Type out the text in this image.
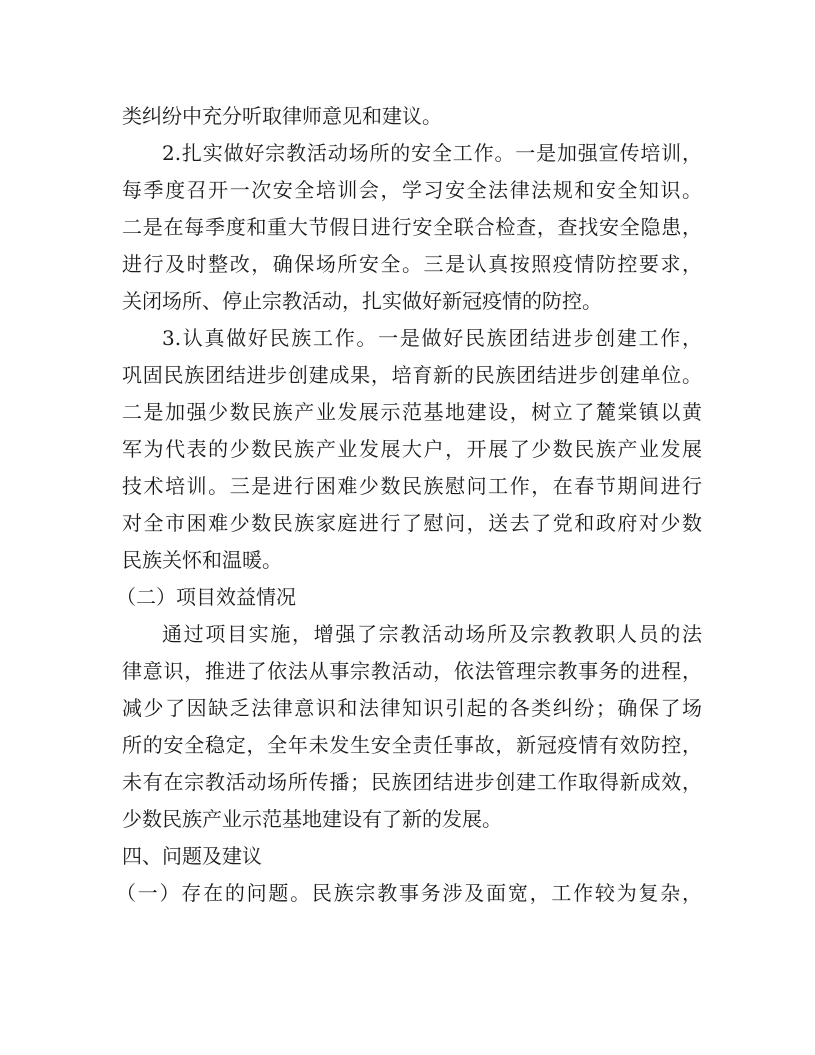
类纠纷中充分听取律师意见和建议。
2.扎实做好宗教活动场所的安全工作。一是加强宣传培训，
每季度召开一次安全培训会，学习安全法律法规和安全知识。
二是在每季度和重大节假日进行安全联合检查，查找安全隐患，
进行及时整改，确保场所安全。三是认真按照疫情防控要求，
关闭场所、停止宗教活动，扎实做好新冠疫情的防控。
3.认真做好民族工作。一是做好民族团结进步创建工作，
巩固民族团结进步创建成果，培育新的民族团结进步创建单位。
二是加强少数民族产业发展示范基地建设，树立了麓棠镇以黄
军为代表的少数民族产业发展大户，开展了少数民族产业发展
技术培训。三是进行困难少数民族慰问工作，在春节期间进行
对全市困难少数民族家庭进行了慰问，送去了党和政府对少数
民族关怀和温暖。
（二）项目效益情况
通过项目实施，增强了宗教活动场所及宗教教职人员的法
律意识，推进了依法从事宗教活动，依法管理宗教事务的进程，
减少了因缺乏法律意识和法律知识引起的各类纠纷；确保了场
所的安全稳定，全年未发生安全责任事故，新冠疫情有效防控，
未有在宗教活动场所传播；民族团结进步创建工作取得新成效，
少数民族产业示范基地建设有了新的发展。
四、问题及建议
（一）存在的问题。民族宗教事务涉及面宽，工作较为复杂，
